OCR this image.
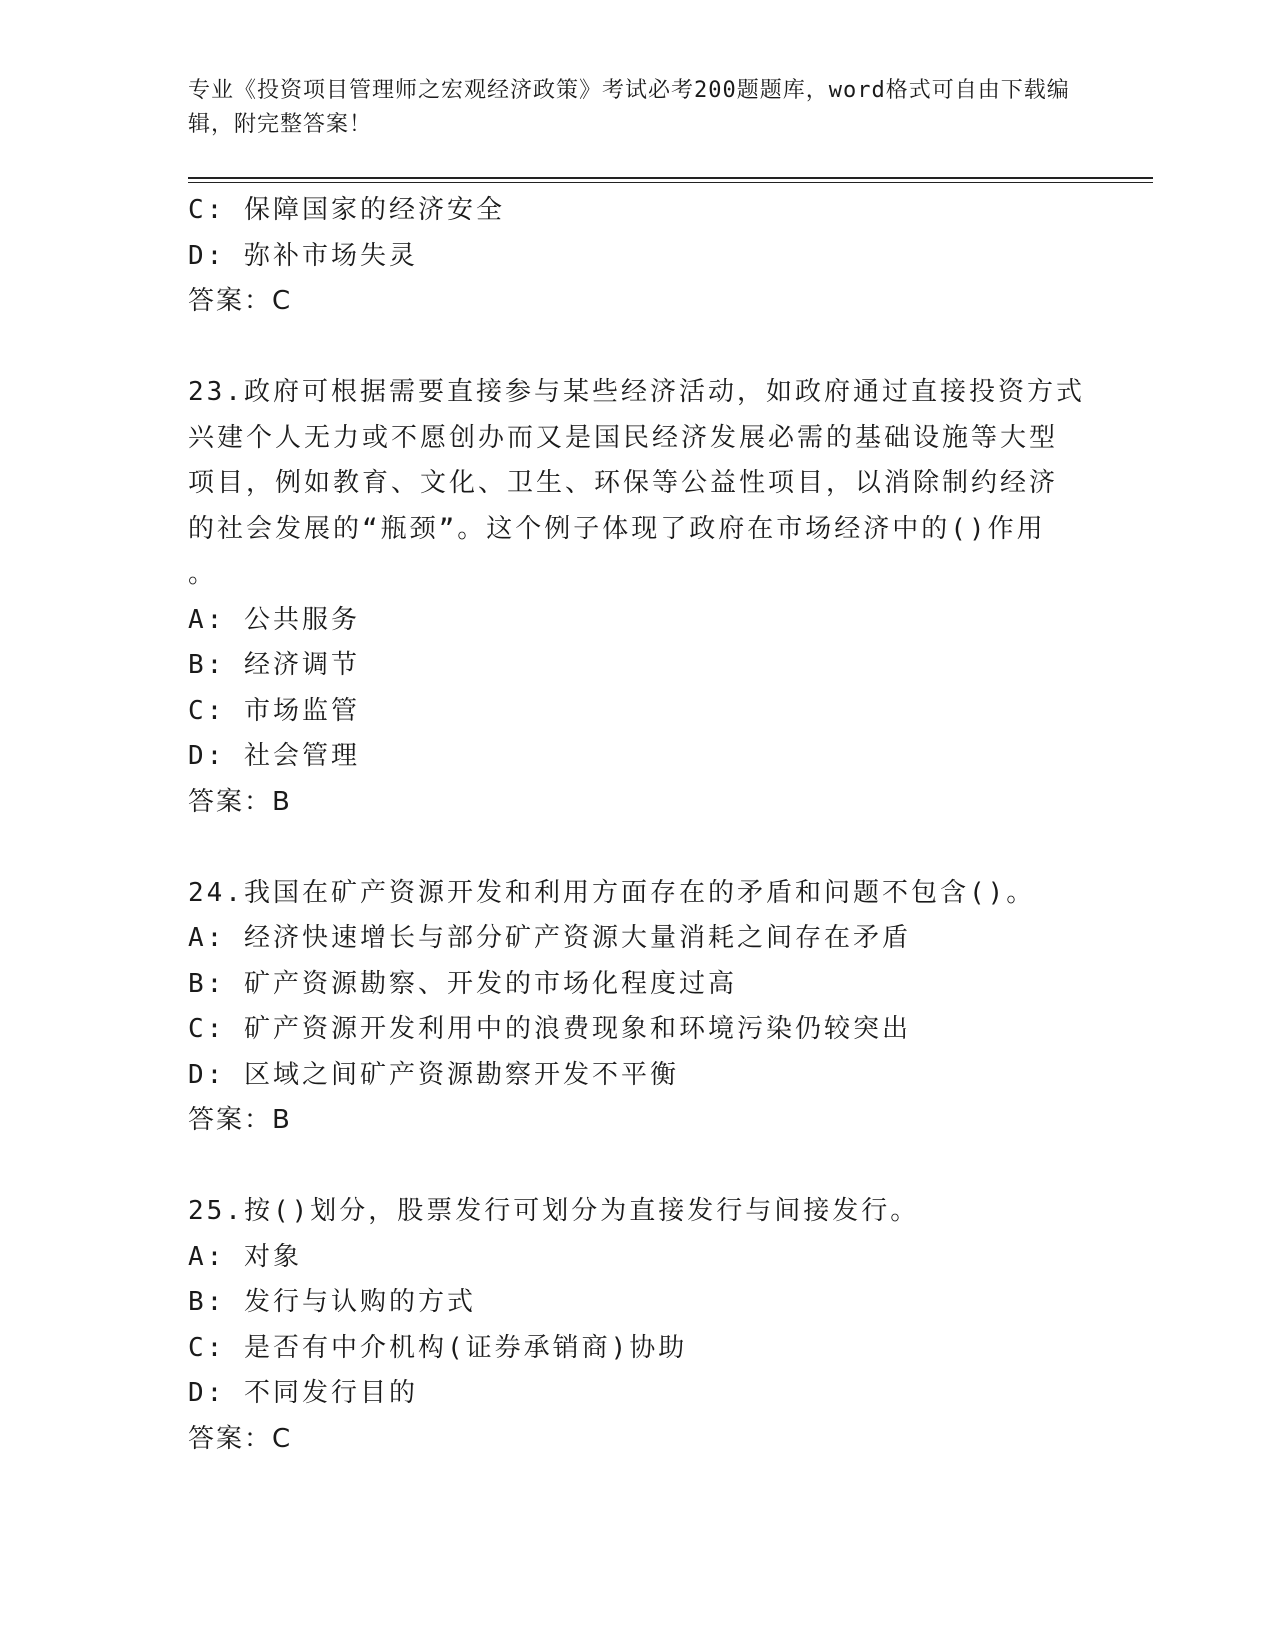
专业《投资项目管理师之宏观经济政策》考试必考200题题库，word格式可自由下载编辑，附完整答案！
C: 保障国家的经济安全
D: 弥补市场失灵
答案：C
23.政府可根据需要直接参与某些经济活动，如政府通过直接投资方式
兴建个人无力或不愿创办而又是国民经济发展必需的基础设施等大型
项目，例如教育、文化、卫生、环保等公益性项目，以消除制约经济
的社会发展的“瓶颈”。这个例子体现了政府在市场经济中的()作用
。
A: 公共服务
B: 经济调节
C: 市场监管
D: 社会管理
答案：B
24.我国在矿产资源开发和利用方面存在的矛盾和问题不包含()。
A: 经济快速增长与部分矿产资源大量消耗之间存在矛盾
B: 矿产资源勘察、开发的市场化程度过高
C: 矿产资源开发利用中的浪费现象和环境污染仍较突出
D: 区域之间矿产资源勘察开发不平衡
答案：B
25.按()划分，股票发行可划分为直接发行与间接发行。
A: 对象
B: 发行与认购的方式
C: 是否有中介机构(证券承销商)协助
D: 不同发行目的
答案：C
